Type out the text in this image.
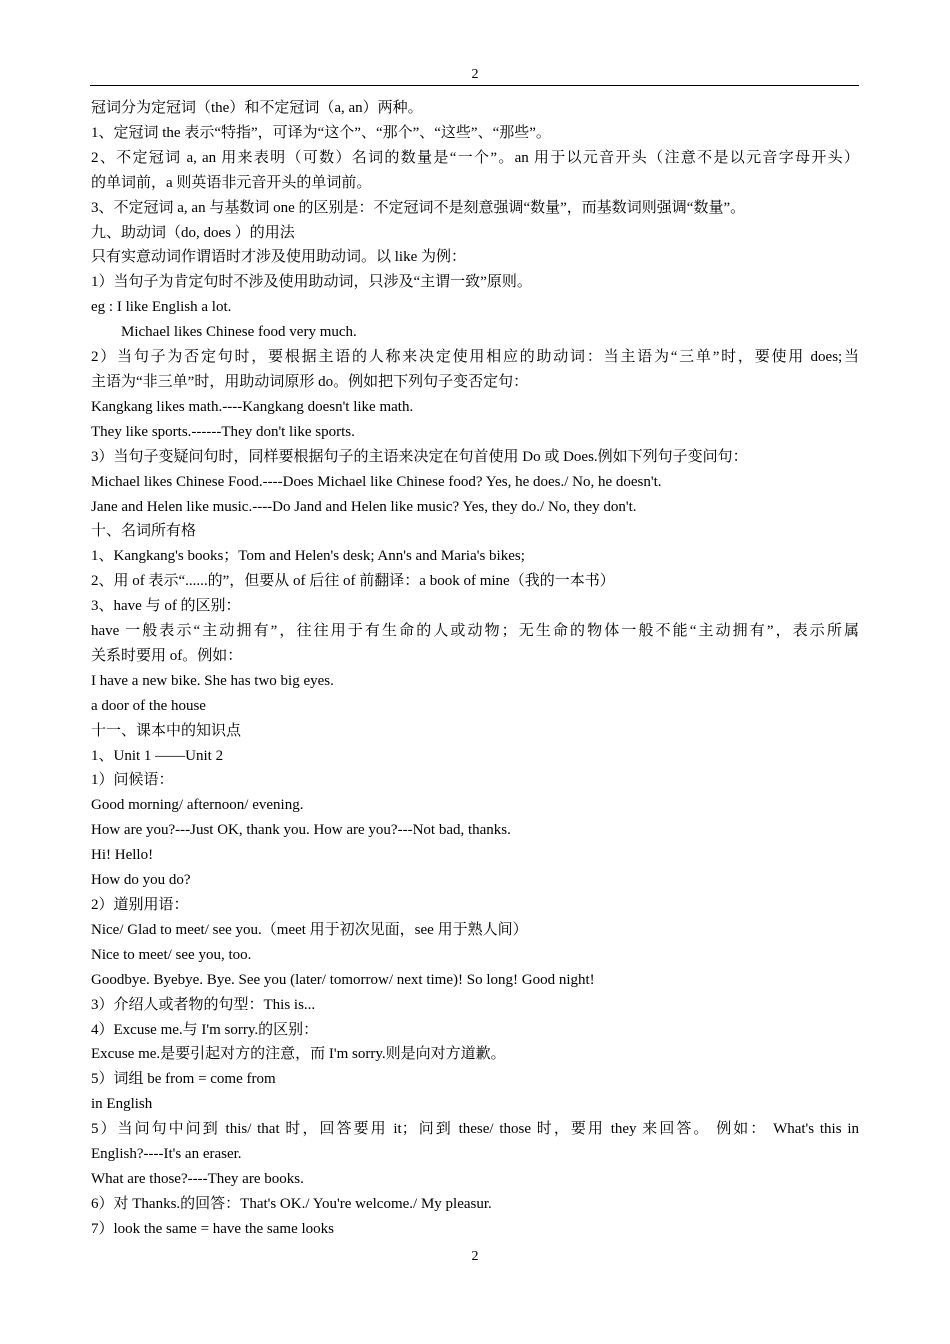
2
冠词分为定冠词（the）和不定冠词（a, an）两种。
1、定冠词 the 表示“特指”，可译为“这个”、“那个”、“这些”、“那些”。
2、不定冠词 a, an 用来表明（可数）名词的数量是“一个”。an 用于以元音开头（注意不是以元音字母开头）
的单词前，a 则英语非元音开头的单词前。
3、不定冠词 a, an 与基数词 one 的区别是：不定冠词不是刻意强调“数量”，而基数词则强调“数量”。
九、助动词（do, does ）的用法
只有实意动词作谓语时才涉及使用助动词。以 like 为例：
1）当句子为肯定句时不涉及使用助动词，只涉及“主谓一致”原则。
eg : I like English a lot.
Michael likes Chinese food very much.
2）当句子为否定句时，要根据主语的人称来决定使用相应的助动词：当主语为“三单”时，要使用 does;当
主语为“非三单”时，用助动词原形 do。例如把下列句子变否定句：
Kangkang likes math.----Kangkang doesn't like math.
They like sports.------They don't like sports.
3）当句子变疑问句时，同样要根据句子的主语来决定在句首使用 Do 或 Does.例如下列句子变问句：
Michael likes Chinese Food.----Does Michael like Chinese food? Yes, he does./ No, he doesn't.
Jane and Helen like music.----Do Jand and Helen like music? Yes, they do./ No, they don't.
十、名词所有格
1、Kangkang's books；Tom and Helen's desk; Ann's and Maria's bikes;
2、用 of 表示“......的”，但要从 of 后往 of 前翻译：a book of mine（我的一本书）
3、have 与 of 的区别：
have 一般表示“主动拥有”，往往用于有生命的人或动物；无生命的物体一般不能“主动拥有”，表示所属
关系时要用 of。例如：
I have a new bike. She has two big eyes.
a door of the house
十一、课本中的知识点
1、Unit 1 ——Unit 2
1）问候语：
Good morning/ afternoon/ evening.
How are you?---Just OK, thank you. How are you?---Not bad, thanks.
Hi! Hello!
How do you do?
2）道别用语：
Nice/ Glad to meet/ see you.（meet 用于初次见面，see 用于熟人间）
Nice to meet/ see you, too.
Goodbye. Byebye. Bye. See you (later/ tomorrow/ next time)! So long! Good night!
3）介绍人或者物的句型：This is...
4）Excuse me.与 I'm sorry.的区别：
Excuse me.是要引起对方的注意，而 I'm sorry.则是向对方道歉。
5）词组 be from = come from
in English
5）当问句中问到 this/ that 时，回答要用 it；问到 these/ those 时，要用 they 来回答。 例如： What's this in
English?----It's an eraser.
What are those?----They are books.
6）对 Thanks.的回答：That's OK./ You're welcome./ My pleasur.
7）look the same = have the same looks
2
